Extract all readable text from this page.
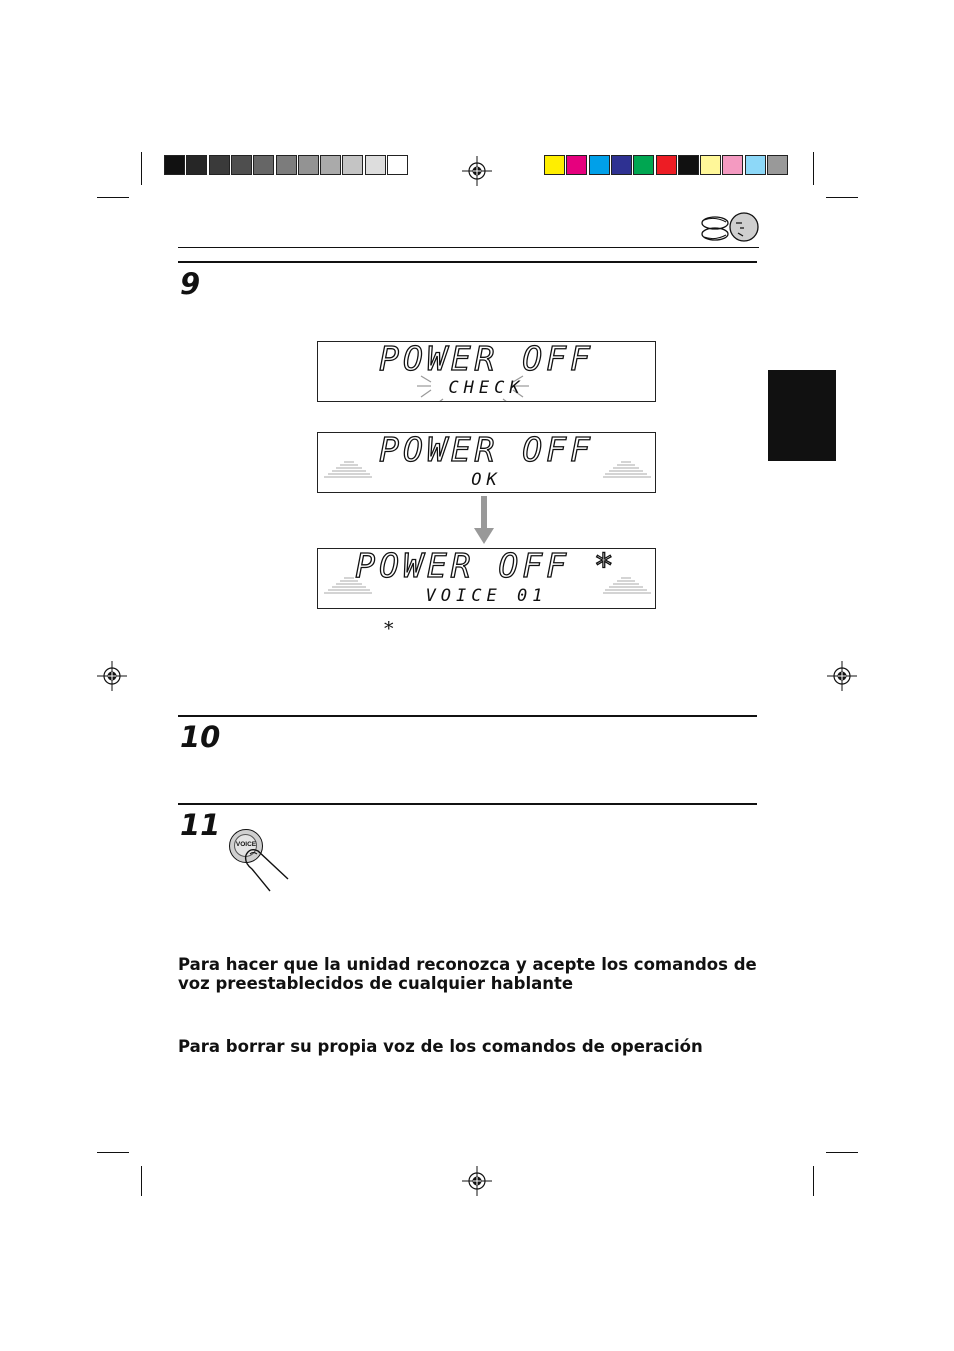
9
POWER OFF
CHECK
POWER OFF
OK
POWER OFF *
VOICE 01
*
10
11
VOICE
Para hacer que la unidad reconozca y acepte los comandos de voz preestablecidos de cualquier hablante
Para borrar su propia voz de los comandos de operación
